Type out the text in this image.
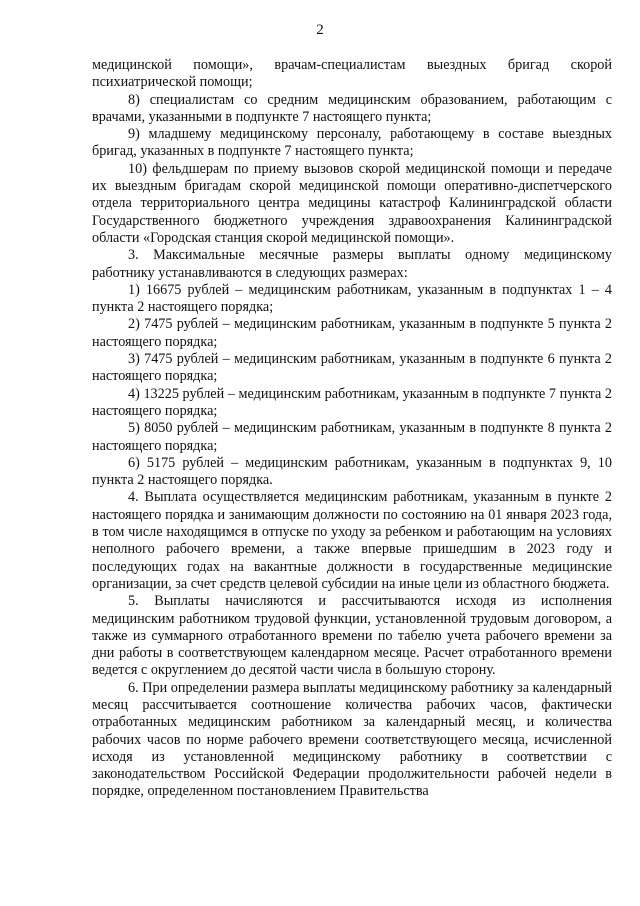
2

медицинской помощи», врачам-специалистам выездных бригад скорой психиатрической помощи;

8) специалистам со средним медицинским образованием, работающим с врачами, указанными в подпункте 7 настоящего пункта;

9) младшему медицинскому персоналу, работающему в составе выездных бригад, указанных в подпункте 7 настоящего пункта;

10) фельдшерам по приему вызовов скорой медицинской помощи и передаче их выездным бригадам скорой медицинской помощи оперативно-диспетчерского отдела территориального центра медицины катастроф Калининградской области Государственного бюджетного учреждения здравоохранения Калининградской области «Городская станция скорой медицинской помощи».

3. Максимальные месячные размеры выплаты одному медицинскому работнику устанавливаются в следующих размерах:

1) 16675 рублей – медицинским работникам, указанным в подпунктах 1 – 4 пункта 2 настоящего порядка;

2) 7475 рублей – медицинским работникам, указанным в подпункте 5 пункта 2 настоящего порядка;

3) 7475 рублей – медицинским работникам, указанным в подпункте 6 пункта 2 настоящего порядка;

4) 13225 рублей – медицинским работникам, указанным в подпункте 7 пункта 2 настоящего порядка;

5) 8050 рублей – медицинским работникам, указанным в подпункте 8 пункта 2 настоящего порядка;

6) 5175 рублей – медицинским работникам, указанным в подпунктах 9, 10 пункта 2 настоящего порядка.

4. Выплата осуществляется медицинским работникам, указанным в пункте 2 настоящего порядка и занимающим должности по состоянию на 01 января 2023 года, в том числе находящимся в отпуске по уходу за ребенком и работающим на условиях неполного рабочего времени, а также впервые пришедшим в 2023 году и последующих годах на вакантные должности в государственные медицинские организации, за счет средств целевой субсидии на иные цели из областного бюджета.

5. Выплаты начисляются и рассчитываются исходя из исполнения медицинским работником трудовой функции, установленной трудовым договором, а также из суммарного отработанного времени по табелю учета рабочего времени за дни работы в соответствующем календарном месяце. Расчет отработанного времени ведется с округлением до десятой части числа в большую сторону.

6. При определении размера выплаты медицинскому работнику за календарный месяц рассчитывается соотношение количества рабочих часов, фактически отработанных медицинским работником за календарный месяц, и количества рабочих часов по норме рабочего времени соответствующего месяца, исчисленной исходя из установленной медицинскому работнику в соответствии с законодательством Российской Федерации продолжительности рабочей недели в порядке, определенном постановлением Правительства
